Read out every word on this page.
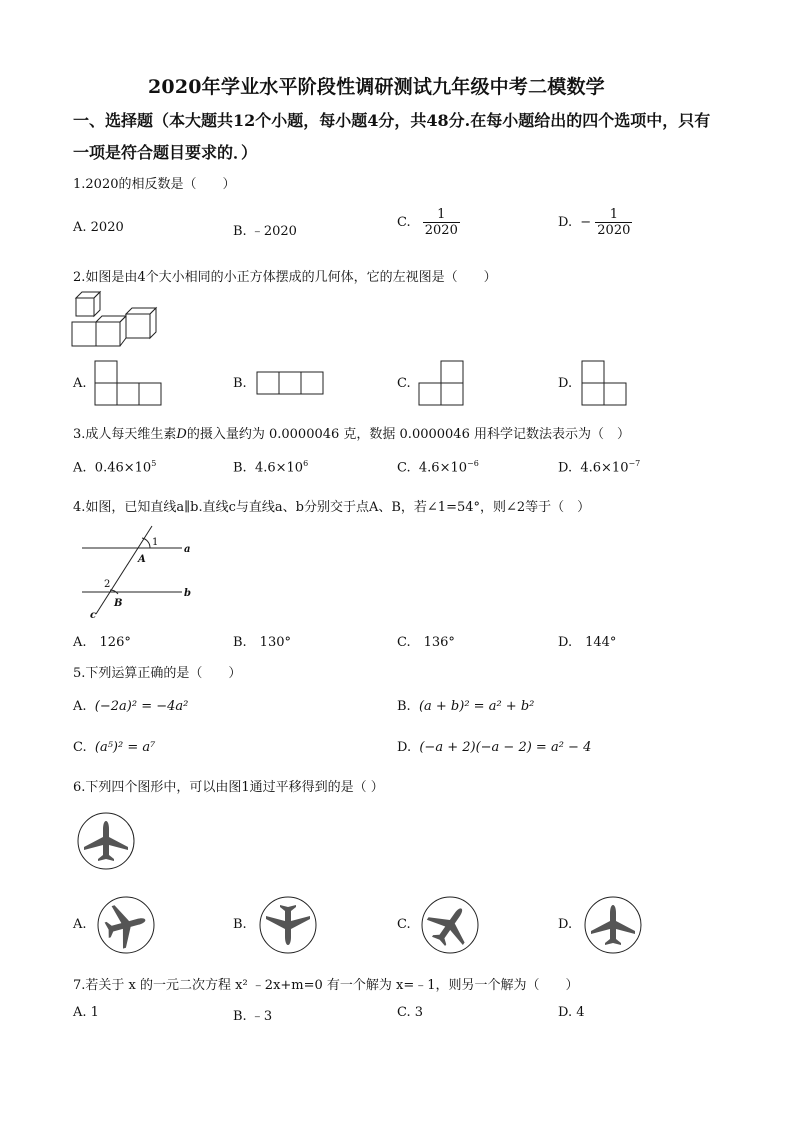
2020年学业水平阶段性调研测试九年级中考二模数学
一、选择题（本大题共12个小题，每小题4分，共48分.在每小题给出的四个选项中，只有
一项是符合题目要求的．）
1.2020的相反数是（　　）
A. 2020	B. ﹣2020
C. $\frac{1}{2020}$	D. − $\frac{1}{2020}$
2.如图是由4个大小相同的小正方体摆成的几何体，它的左视图是（　　）
A.	B.	C.	D.
3.成人每天维生素D的摄入量约为 0.0000046 克，数据 0.0000046 用科学记数法表示为（　）
A. $0.46\times 10^5$	B. $4.6\times 10^6$	C. $4.6\times 10^{-6}$	D. $4.6\times 10^{-7}$
4.如图，已知直线a∥b.直线c与直线a、b分别交于点A、B，若∠1=54°，则∠2等于（　）
1
2
A
B
a
b
c
A.　126°	B.　130°	C.　136°	D.　144°
5.下列运算正确的是（　　）
A. (−2a)² = −4a²	B. (a + b)² = a² + b²
C. (a⁵)² = a⁷	D. (−a + 2)(−a − 2) = a² − 4
6.下列四个图形中，可以由图1通过平移得到的是（ ）
A.	B.	C.	D.
7.若关于 x 的一元二次方程 x² ﹣2x+m=0 有一个解为 x=﹣1，则另一个解为（　　）
A. 1	B. ﹣3	C. 3	D. 4
